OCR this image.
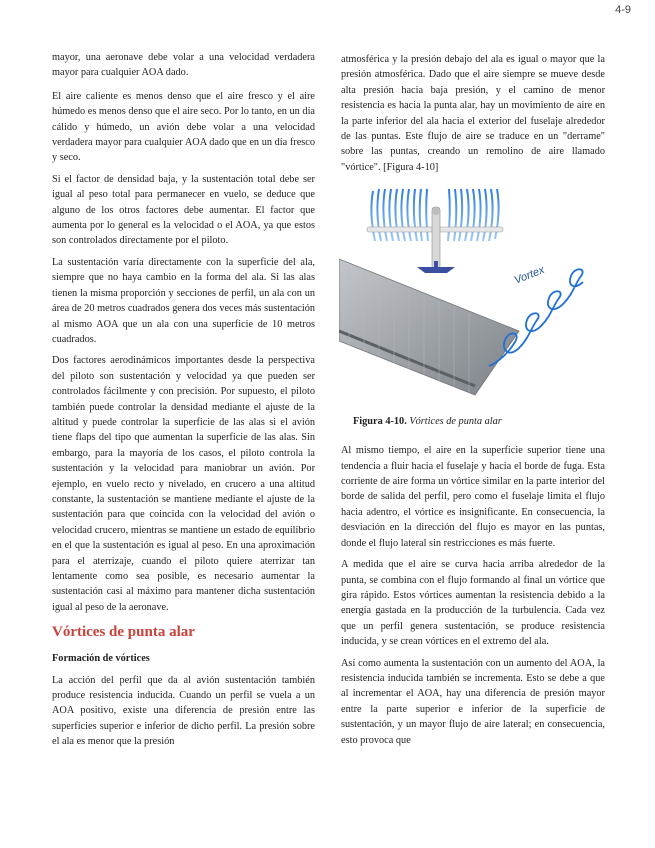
4-9

mayor, una aeronave debe volar a una velocidad verdadera mayor para cualquier AOA dado.

El aire caliente es menos denso que el aire fresco y el aire húmedo es menos denso que el aire seco. Por lo tanto, en un día cálido y húmedo, un avión debe volar a una velocidad verdadera mayor para cualquier AOA dado que en un día fresco y seco.

Si el factor de densidad baja, y la sustentación total debe ser igual al peso total para permanecer en vuelo, se deduce que alguno de los otros factores debe aumentar. El factor que aumenta por lo general es la velocidad o el AOA, ya que estos son controlados directamente por el piloto.

La sustentación varía directamente con la superficie del ala, siempre que no haya cambio en la forma del ala. Si las alas tienen la misma proporción y secciones de perfil, un ala con un área de 20 metros cuadrados genera dos veces más sustentación al mismo AOA que un ala con una superficie de 10 metros cuadrados.

Dos factores aerodinámicos importantes desde la perspectiva del piloto son sustentación y velocidad ya que pueden ser controlados fácilmente y con precisión. Por supuesto, el piloto también puede controlar la densidad mediante el ajuste de la altitud y puede controlar la superficie de las alas si el avión tiene flaps del tipo que aumentan la superficie de las alas. Sin embargo, para la mayoría de los casos, el piloto controla la sustentación y la velocidad para maniobrar un avión. Por ejemplo, en vuelo recto y nivelado, en crucero a una altitud constante, la sustentación se mantiene mediante el ajuste de la sustentación para que coincida con la velocidad del avión o velocidad crucero, mientras se mantiene un estado de equilibrio en el que la sustentación es igual al peso. En una aproximación para el aterrizaje, cuando el piloto quiere aterrizar tan lentamente como sea posible, es necesario aumentar la sustentación casi al máximo para mantener dicha sustentación igual al peso de la aeronave.

Vórtices de punta alar

Formación de vórtices

La acción del perfil que da al avión sustentación también produce resistencia inducida. Cuando un perfil se vuela a un AOA positivo, existe una diferencia de presión entre las superficies superior e inferior de dicho perfil. La presión sobre el ala es menor que la presión

atmosférica y la presión debajo del ala es igual o mayor que la presión atmosférica. Dado que el aire siempre se mueve desde alta presión hacia baja presión, y el camino de menor resistencia es hacia la punta alar, hay un movimiento de aire en la parte inferior del ala hacia el exterior del fuselaje alrededor de las puntas. Este flujo de aire se traduce en un "derrame" sobre las puntas, creando un remolino de aire llamado "vórtice". [Figura 4-10]

Vortex
Figura 4-10. Vórtices de punta alar

Al mismo tiempo, el aire en la superficie superior tiene una tendencia a fluir hacia el fuselaje y hacia el borde de fuga. Esta corriente de aire forma un vórtice similar en la parte interior del borde de salida del perfil, pero como el fuselaje limita el flujo hacia adentro, el vórtice es insignificante. En consecuencia, la desviación en la dirección del flujo es mayor en las puntas, donde el flujo lateral sin restricciones es más fuerte.

A medida que el aire se curva hacia arriba alrededor de la punta, se combina con el flujo formando al final un vórtice que gira rápido. Estos vórtices aumentan la resistencia debido a la energía gastada en la producción de la turbulencia. Cada vez que un perfil genera sustentación, se produce resistencia inducida, y se crean vórtices en el extremo del ala.

Así como aumenta la sustentación con un aumento del AOA, la resistencia inducida también se incrementa. Esto se debe a que al incrementar el AOA, hay una diferencia de presión mayor entre la parte superior e inferior de la superficie de sustentación, y un mayor flujo de aire lateral; en consecuencia, esto provoca que
